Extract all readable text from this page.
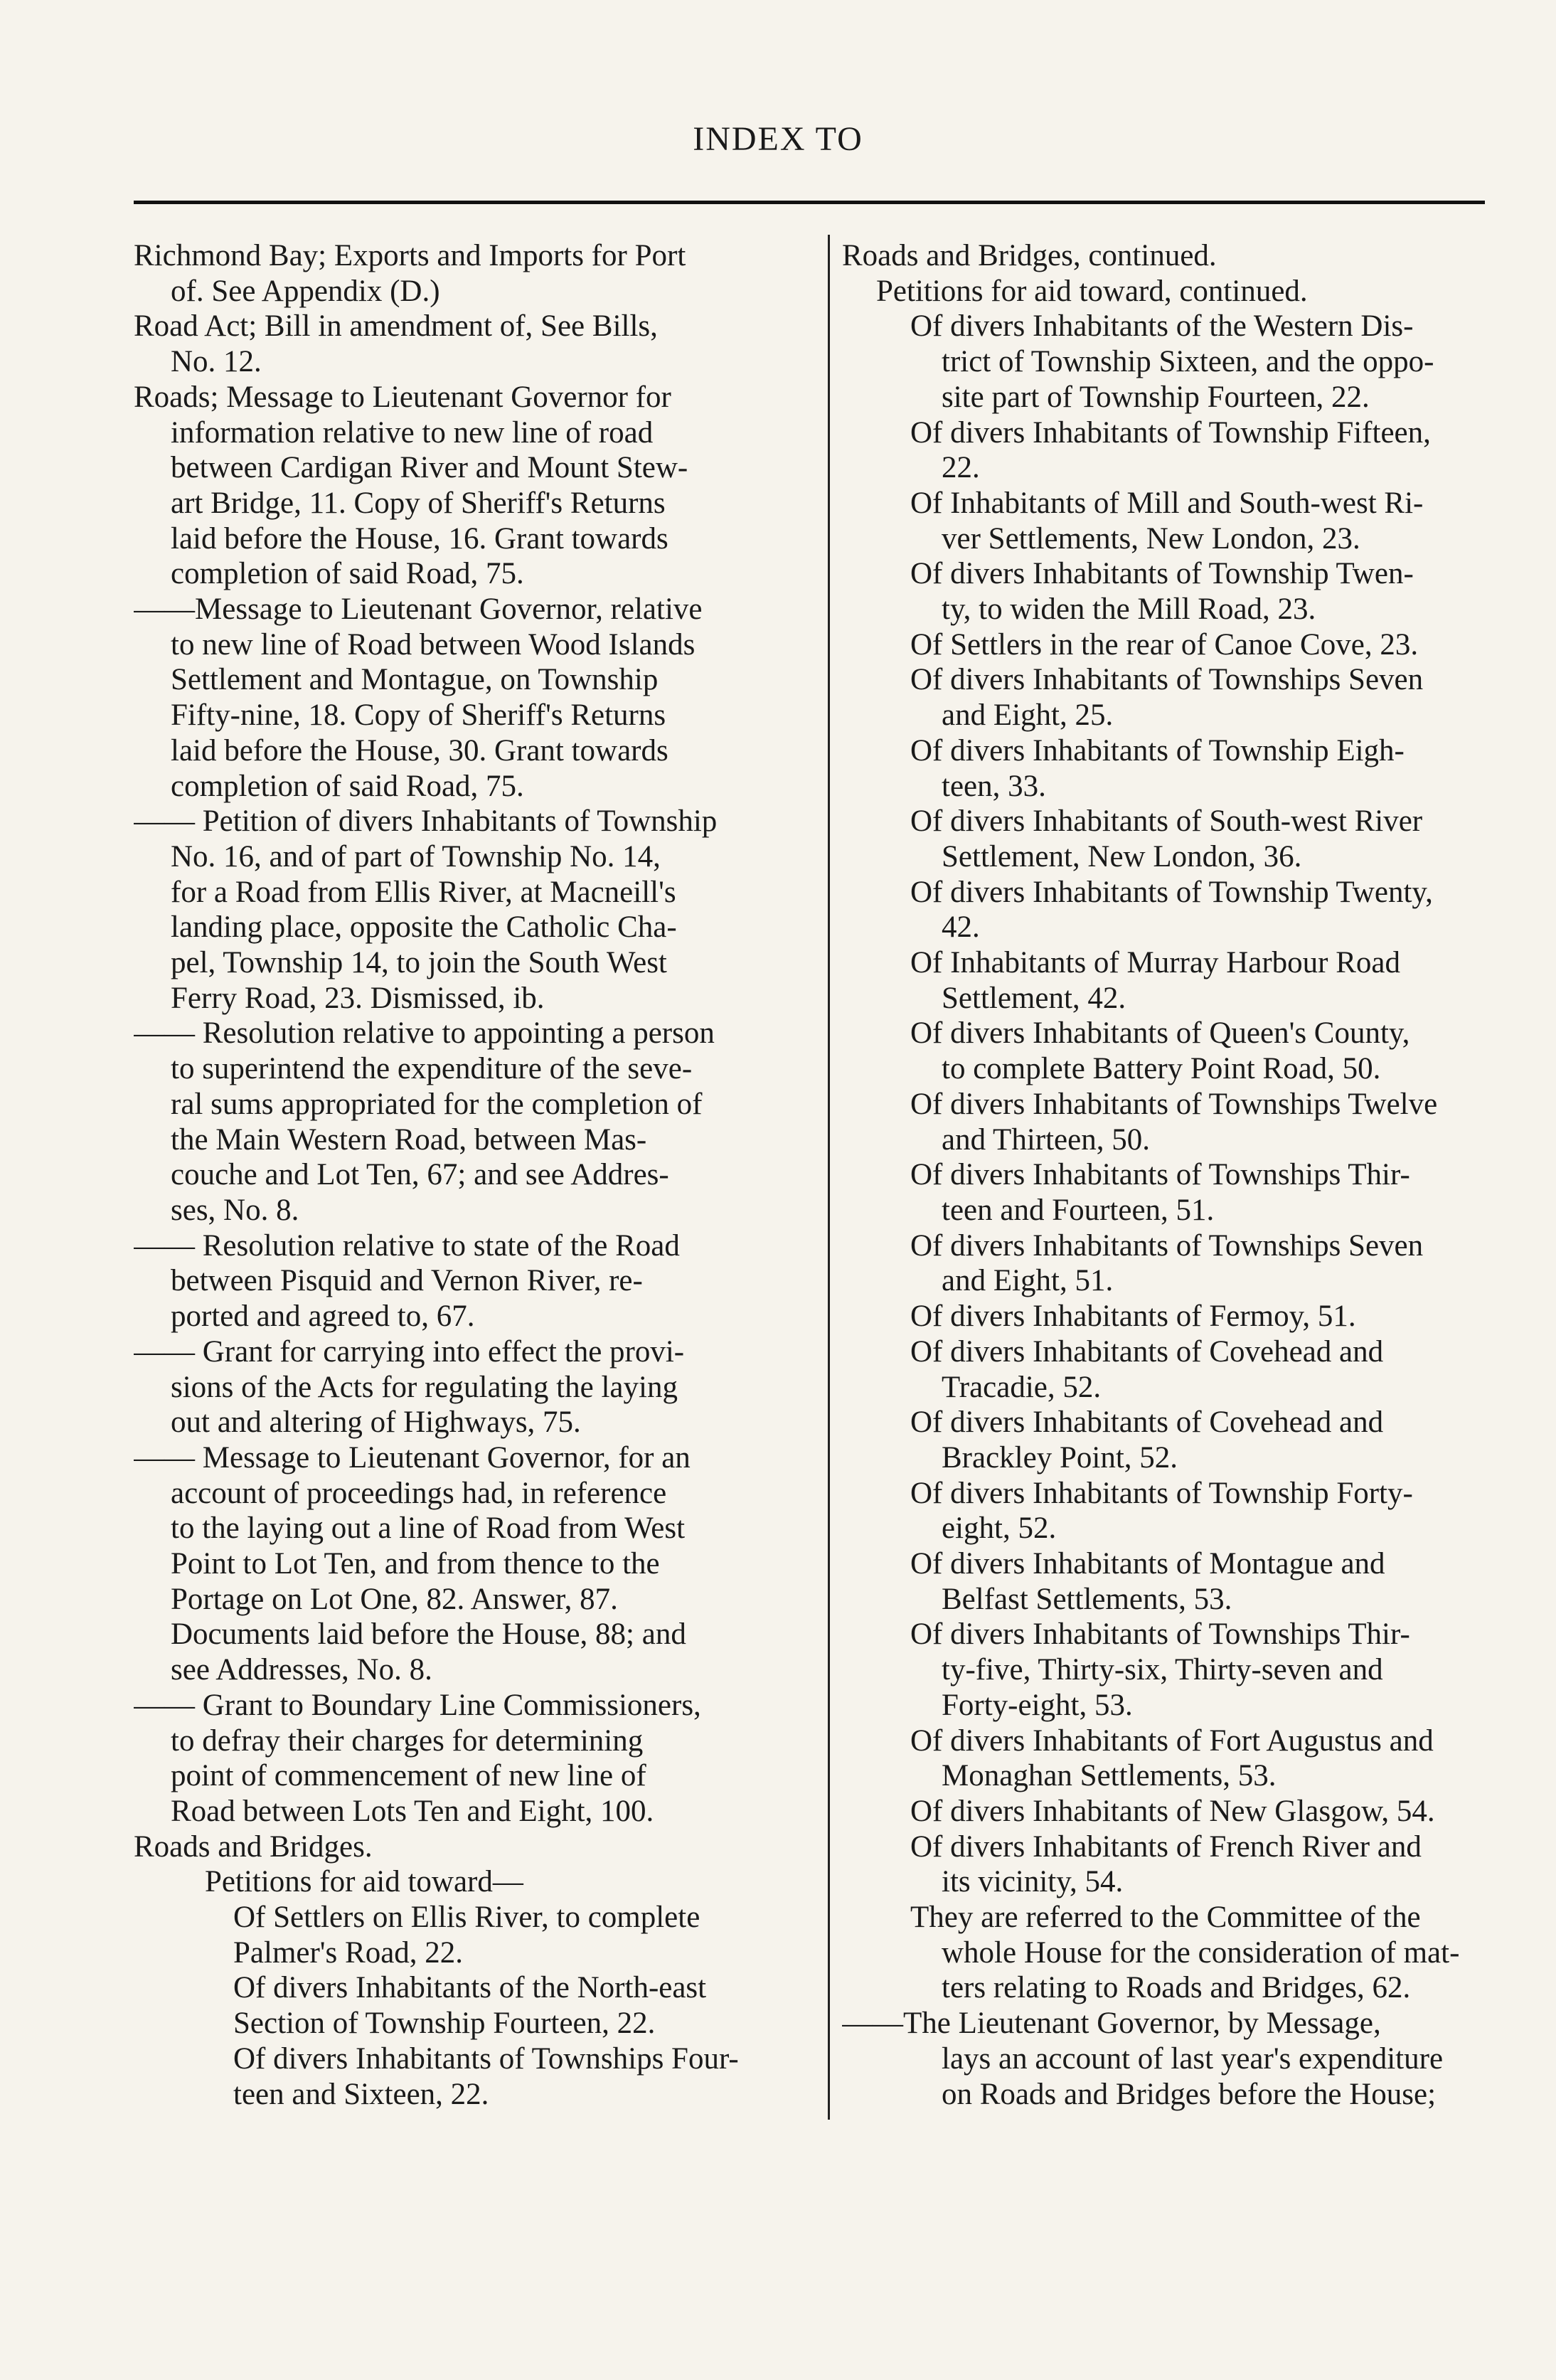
INDEX TO
Richmond Bay; Exports and Imports for Port
of. See Appendix (D.)
Road Act; Bill in amendment of, See Bills,
No. 12.
Roads; Message to Lieutenant Governor for
information relative to new line of road
between Cardigan River and Mount Stew-
art Bridge, 11. Copy of Sheriff's Returns
laid before the House, 16. Grant towards
completion of said Road, 75.
——Message to Lieutenant Governor, relative
to new line of Road between Wood Islands
Settlement and Montague, on Township
Fifty-nine, 18. Copy of Sheriff's Returns
laid before the House, 30. Grant towards
completion of said Road, 75.
—— Petition of divers Inhabitants of Township
No. 16, and of part of Township No. 14,
for a Road from Ellis River, at Macneill's
landing place, opposite the Catholic Cha-
pel, Township 14, to join the South West
Ferry Road, 23. Dismissed, ib.
—— Resolution relative to appointing a person
to superintend the expenditure of the seve-
ral sums appropriated for the completion of
the Main Western Road, between Mas-
couche and Lot Ten, 67; and see Addres-
ses, No. 8.
—— Resolution relative to state of the Road
between Pisquid and Vernon River, re-
ported and agreed to, 67.
—— Grant for carrying into effect the provi-
sions of the Acts for regulating the laying
out and altering of Highways, 75.
—— Message to Lieutenant Governor, for an
account of proceedings had, in reference
to the laying out a line of Road from West
Point to Lot Ten, and from thence to the
Portage on Lot One, 82. Answer, 87.
Documents laid before the House, 88; and
see Addresses, No. 8.
—— Grant to Boundary Line Commissioners,
to defray their charges for determining
point of commencement of new line of
Road between Lots Ten and Eight, 100.
Roads and Bridges.
Petitions for aid toward—
Of Settlers on Ellis River, to complete
Palmer's Road, 22.
Of divers Inhabitants of the North-east
Section of Township Fourteen, 22.
Of divers Inhabitants of Townships Four-
teen and Sixteen, 22.
Roads and Bridges, continued.
Petitions for aid toward, continued.
Of divers Inhabitants of the Western Dis-
trict of Township Sixteen, and the oppo-
site part of Township Fourteen, 22.
Of divers Inhabitants of Township Fifteen,
22.
Of Inhabitants of Mill and South-west Ri-
ver Settlements, New London, 23.
Of divers Inhabitants of Township Twen-
ty, to widen the Mill Road, 23.
Of Settlers in the rear of Canoe Cove, 23.
Of divers Inhabitants of Townships Seven
and Eight, 25.
Of divers Inhabitants of Township Eigh-
teen, 33.
Of divers Inhabitants of South-west River
Settlement, New London, 36.
Of divers Inhabitants of Township Twenty,
42.
Of Inhabitants of Murray Harbour Road
Settlement, 42.
Of divers Inhabitants of Queen's County,
to complete Battery Point Road, 50.
Of divers Inhabitants of Townships Twelve
and Thirteen, 50.
Of divers Inhabitants of Townships Thir-
teen and Fourteen, 51.
Of divers Inhabitants of Townships Seven
and Eight, 51.
Of divers Inhabitants of Fermoy, 51.
Of divers Inhabitants of Covehead and
Tracadie, 52.
Of divers Inhabitants of Covehead and
Brackley Point, 52.
Of divers Inhabitants of Township Forty-
eight, 52.
Of divers Inhabitants of Montague and
Belfast Settlements, 53.
Of divers Inhabitants of Townships Thir-
ty-five, Thirty-six, Thirty-seven and
Forty-eight, 53.
Of divers Inhabitants of Fort Augustus and
Monaghan Settlements, 53.
Of divers Inhabitants of New Glasgow, 54.
Of divers Inhabitants of French River and
its vicinity, 54.
They are referred to the Committee of the
whole House for the consideration of mat-
ters relating to Roads and Bridges, 62.
——The Lieutenant Governor, by Message,
lays an account of last year's expenditure
on Roads and Bridges before the House;
